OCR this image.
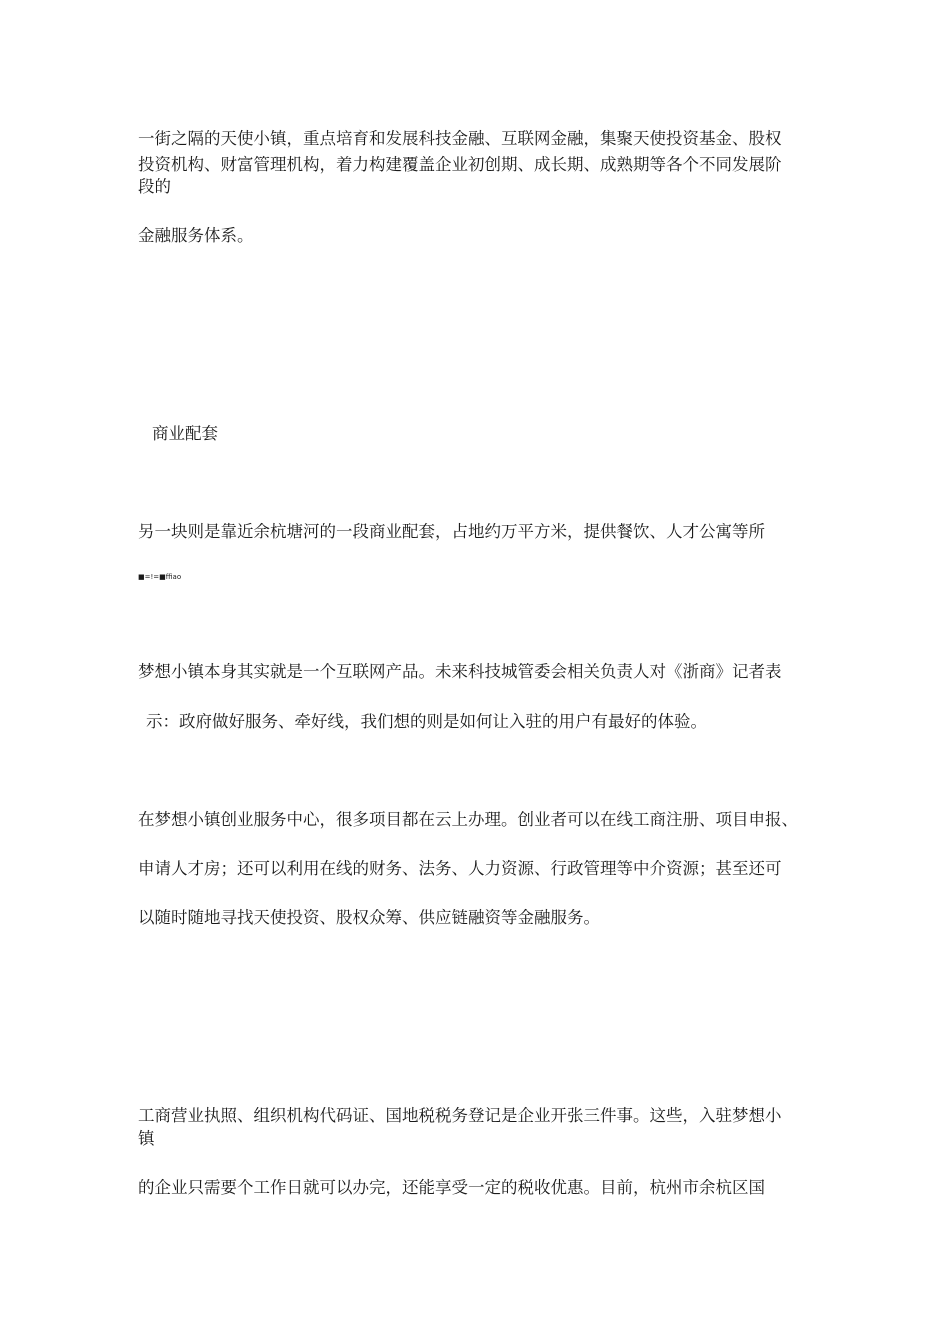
一街之隔的天使小镇，重点培育和发展科技金融、互联网金融，集聚天使投资基金、股权
投资机构、财富管理机构，着力构建覆盖企业初创期、成长期、成熟期等各个不同发展阶
段的
金融服务体系。
商业配套
另一块则是靠近余杭塘河的一段商业配套，占地约万平方米，提供餐饮、人才公寓等所
■=!=■ffiao
梦想小镇本身其实就是一个互联网产品。未来科技城管委会相关负责人对《浙商》记者表
示：政府做好服务、牵好线，我们想的则是如何让入驻的用户有最好的体验。
在梦想小镇创业服务中心，很多项目都在云上办理。创业者可以在线工商注册、项目申报、
申请人才房；还可以利用在线的财务、法务、人力资源、行政管理等中介资源；甚至还可
以随时随地寻找天使投资、股权众筹、供应链融资等金融服务。
工商营业执照、组织机构代码证、国地税税务登记是企业开张三件事。这些，入驻梦想小
镇
的企业只需要个工作日就可以办完，还能享受一定的税收优惠。目前，杭州市余杭区国
